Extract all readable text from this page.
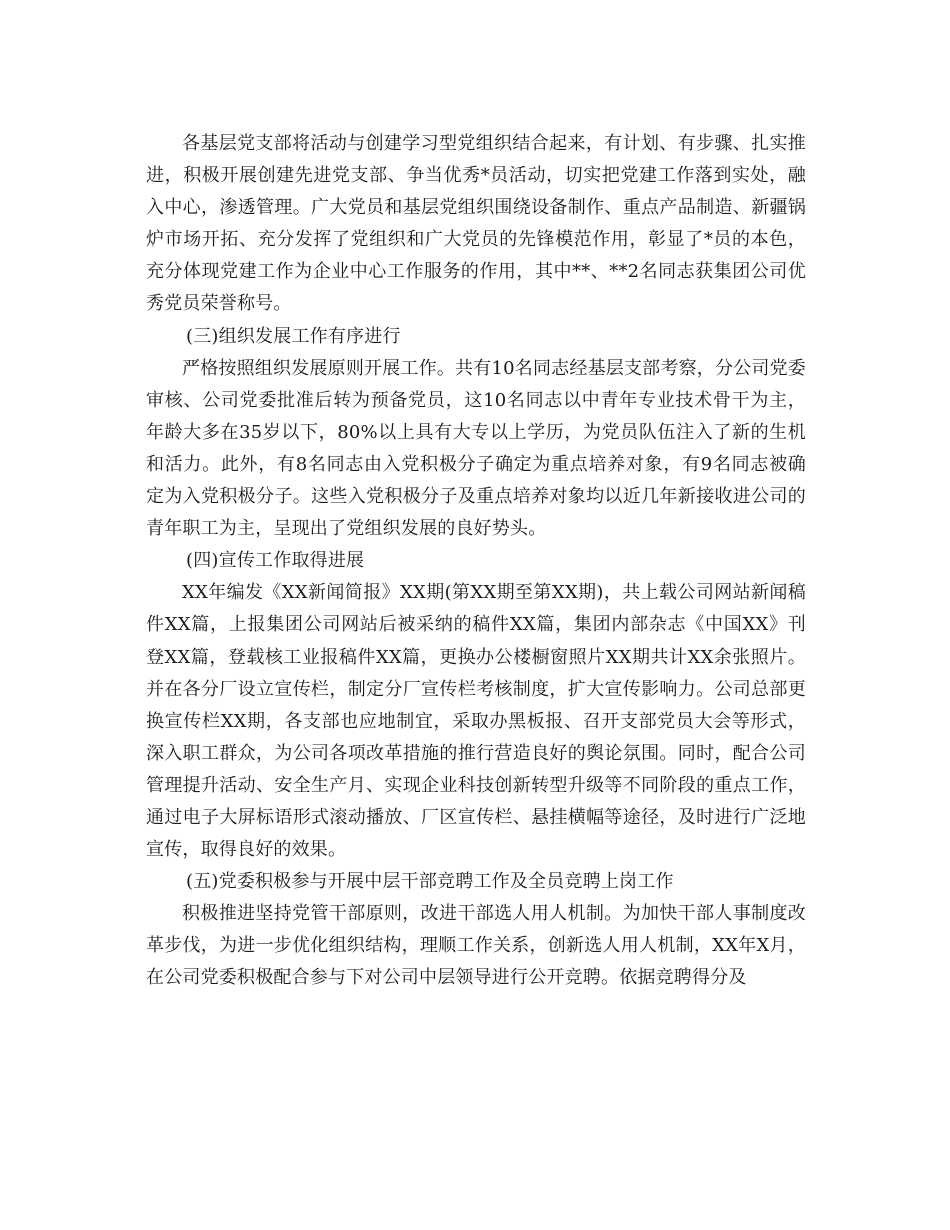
各基层党支部将活动与创建学习型党组织结合起来，有计划、有步骤、扎实推进，积极开展创建先进党支部、争当优秀*员活动，切实把党建工作落到实处，融入中心，渗透管理。广大党员和基层党组织围绕设备制作、重点产品制造、新疆锅炉市场开拓、充分发挥了党组织和广大党员的先锋模范作用，彰显了*员的本色，充分体现党建工作为企业中心工作服务的作用，其中**、**2名同志获集团公司优秀党员荣誉称号。

(三)组织发展工作有序进行

严格按照组织发展原则开展工作。共有10名同志经基层支部考察，分公司党委审核、公司党委批准后转为预备党员，这10名同志以中青年专业技术骨干为主，年龄大多在35岁以下，80%以上具有大专以上学历，为党员队伍注入了新的生机和活力。此外，有8名同志由入党积极分子确定为重点培养对象，有9名同志被确定为入党积极分子。这些入党积极分子及重点培养对象均以近几年新接收进公司的青年职工为主，呈现出了党组织发展的良好势头。

(四)宣传工作取得进展

XX年编发《XX新闻简报》XX期(第XX期至第XX期)，共上载公司网站新闻稿件XX篇，上报集团公司网站后被采纳的稿件XX篇，集团内部杂志《中国XX》刊登XX篇，登载核工业报稿件XX篇，更换办公楼橱窗照片XX期共计XX余张照片。并在各分厂设立宣传栏，制定分厂宣传栏考核制度，扩大宣传影响力。公司总部更换宣传栏XX期，各支部也应地制宜，采取办黑板报、召开支部党员大会等形式，深入职工群众，为公司各项改革措施的推行营造良好的舆论氛围。同时，配合公司管理提升活动、安全生产月、实现企业科技创新转型升级等不同阶段的重点工作，通过电子大屏标语形式滚动播放、厂区宣传栏、悬挂横幅等途径，及时进行广泛地宣传，取得良好的效果。

(五)党委积极参与开展中层干部竞聘工作及全员竞聘上岗工作

积极推进坚持党管干部原则，改进干部选人用人机制。为加快干部人事制度改革步伐，为进一步优化组织结构，理顺工作关系，创新选人用人机制，XX年X月，在公司党委积极配合参与下对公司中层领导进行公开竞聘。依据竞聘得分及
